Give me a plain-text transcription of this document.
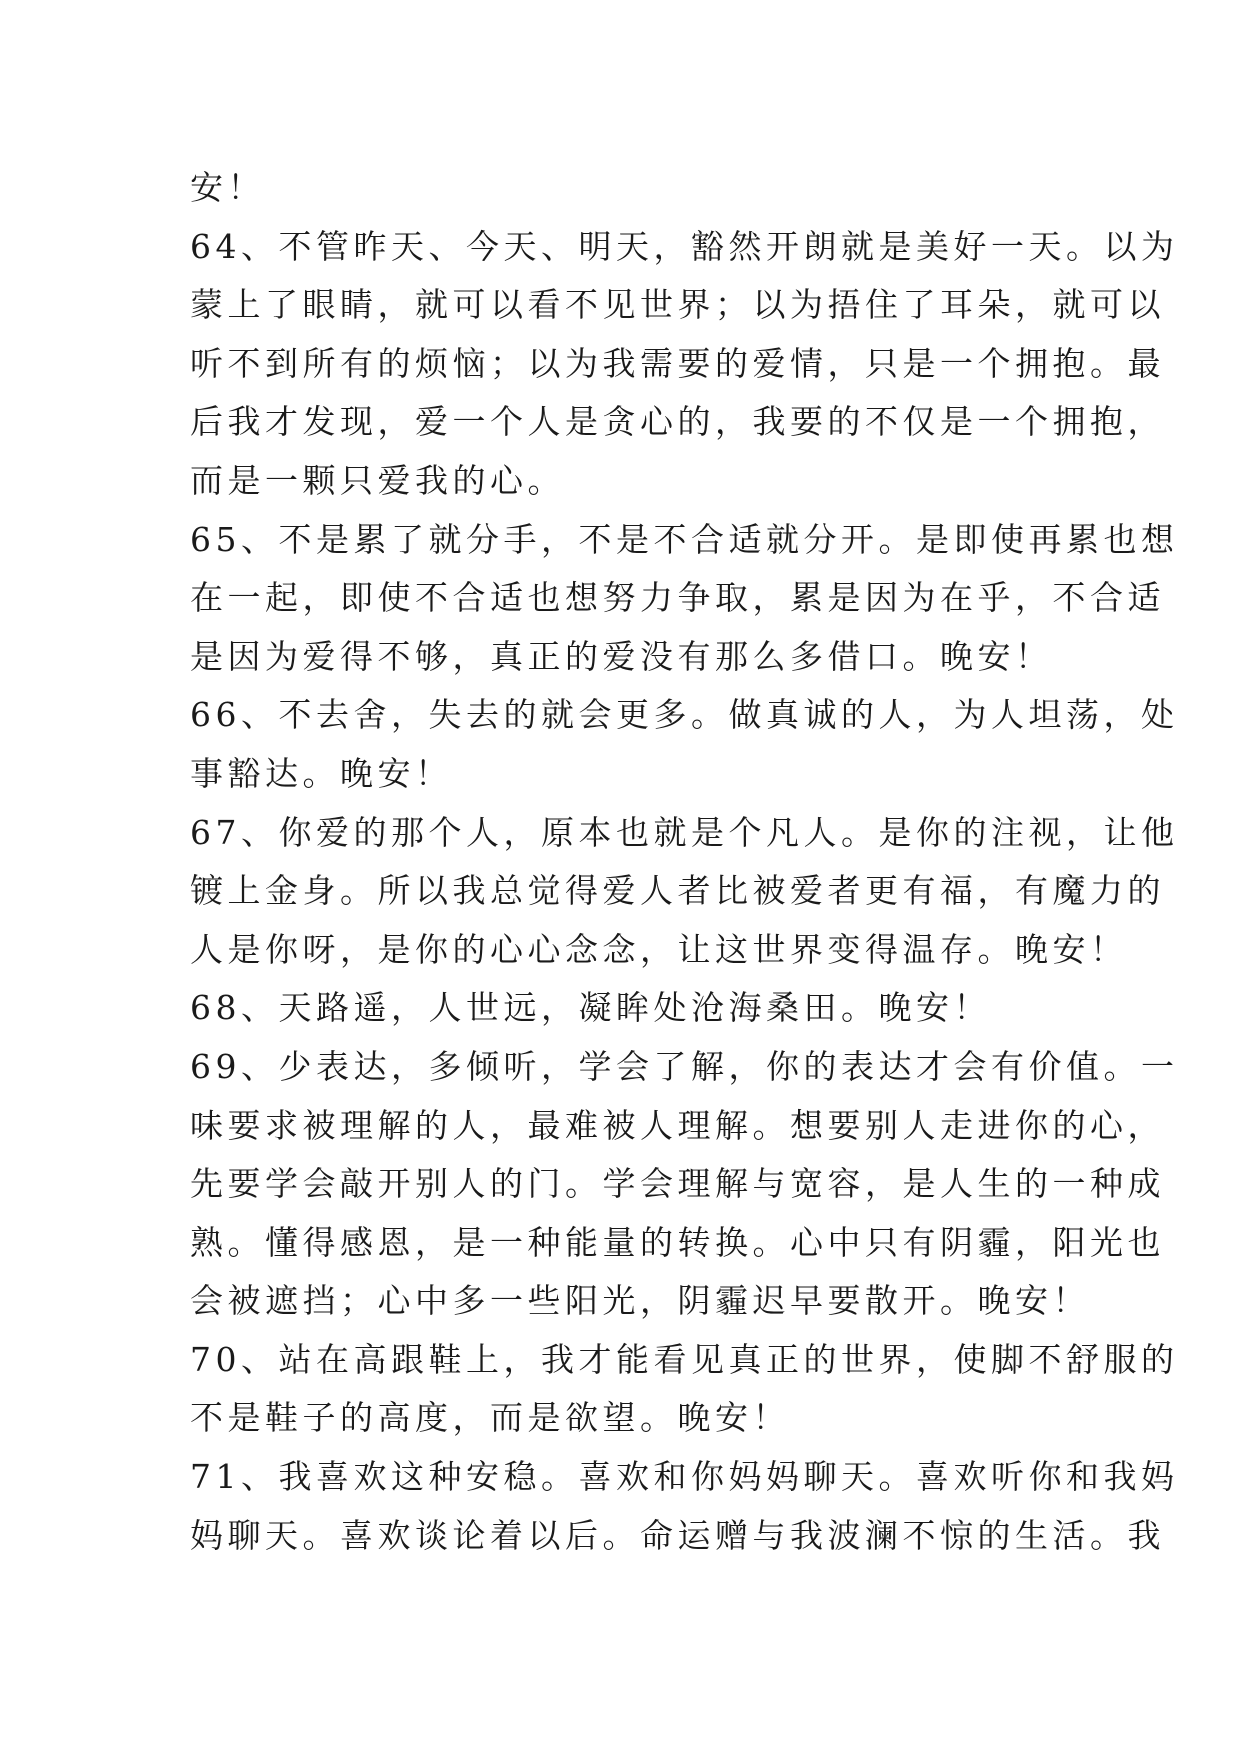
安！
64、不管昨天、今天、明天，豁然开朗就是美好一天。以为
蒙上了眼睛，就可以看不见世界；以为捂住了耳朵，就可以
听不到所有的烦恼；以为我需要的爱情，只是一个拥抱。最
后我才发现，爱一个人是贪心的，我要的不仅是一个拥抱，
而是一颗只爱我的心。
65、不是累了就分手，不是不合适就分开。是即使再累也想
在一起，即使不合适也想努力争取，累是因为在乎，不合适
是因为爱得不够，真正的爱没有那么多借口。晚安！
66、不去舍，失去的就会更多。做真诚的人，为人坦荡，处
事豁达。晚安！
67、你爱的那个人，原本也就是个凡人。是你的注视，让他
镀上金身。所以我总觉得爱人者比被爱者更有福，有魔力的
人是你呀，是你的心心念念，让这世界变得温存。晚安！
68、天路遥，人世远，凝眸处沧海桑田。晚安！
69、少表达，多倾听，学会了解，你的表达才会有价值。一
味要求被理解的人，最难被人理解。想要别人走进你的心，
先要学会敲开别人的门。学会理解与宽容，是人生的一种成
熟。懂得感恩，是一种能量的转换。心中只有阴霾，阳光也
会被遮挡；心中多一些阳光，阴霾迟早要散开。晚安！
70、站在高跟鞋上，我才能看见真正的世界，使脚不舒服的
不是鞋子的高度，而是欲望。晚安！
71、我喜欢这种安稳。喜欢和你妈妈聊天。喜欢听你和我妈
妈聊天。喜欢谈论着以后。命运赠与我波澜不惊的生活。我
